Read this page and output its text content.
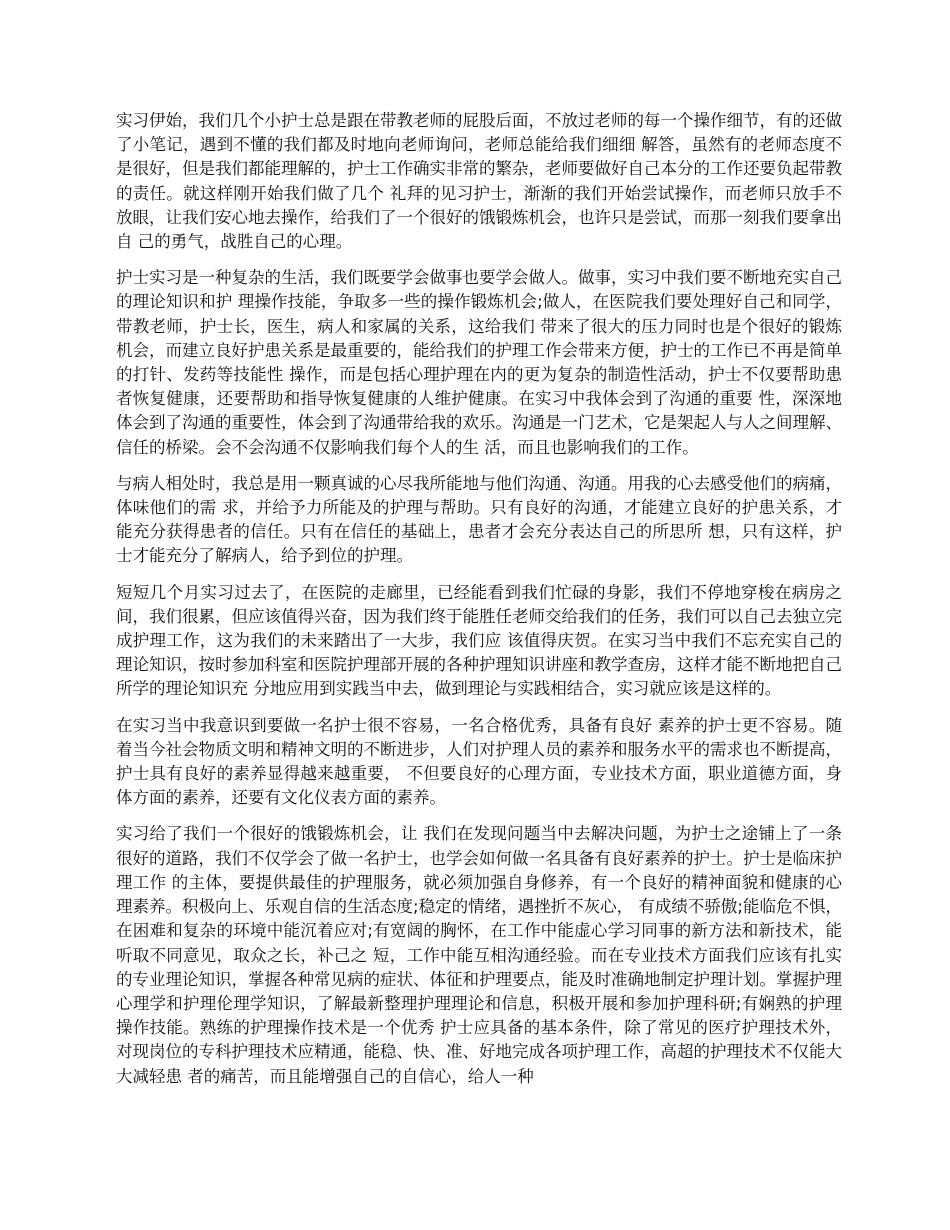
实习伊始，我们几个小护士总是跟在带教老师的屁股后面，不放过老师的每一个操作细节，有的还做了小笔记，遇到不懂的我们都及时地向老师询问，老师总能给我们细细 解答，虽然有的老师态度不是很好，但是我们都能理解的，护士工作确实非常的繁杂，老师要做好自己本分的工作还要负起带教的责任。就这样刚开始我们做了几个 礼拜的见习护士，渐渐的我们开始尝试操作，而老师只放手不放眼，让我们安心地去操作，给我们了一个很好的饿锻炼机会，也许只是尝试，而那一刻我们要拿出自 己的勇气，战胜自己的心理。

护士实习是一种复杂的生活，我们既要学会做事也要学会做人。做事，实习中我们要不断地充实自己的理论知识和护 理操作技能，争取多一些的操作锻炼机会;做人，在医院我们要处理好自己和同学，带教老师，护士长，医生，病人和家属的关系，这给我们 带来了很大的压力同时也是个很好的锻炼机会，而建立良好护患关系是最重要的，能给我们的护理工作会带来方便，护士的工作已不再是简单的打针、发药等技能性 操作，而是包括心理护理在内的更为复杂的制造性活动，护士不仅要帮助患者恢复健康，还要帮助和指导恢复健康的人维护健康。在实习中我体会到了沟通的重要 性，深深地体会到了沟通的重要性，体会到了沟通带给我的欢乐。沟通是一门艺术，它是架起人与人之间理解、信任的桥梁。会不会沟通不仅影响我们每个人的生 活，而且也影响我们的工作。

与病人相处时，我总是用一颗真诚的心尽我所能地与他们沟通、沟通。用我的心去感受他们的病痛，体味他们的需 求，并给予力所能及的护理与帮助。只有良好的沟通，才能建立良好的护患关系，才能充分获得患者的信任。只有在信任的基础上，患者才会充分表达自己的所思所 想，只有这样，护士才能充分了解病人，给予到位的护理。

短短几个月实习过去了，在医院的走廊里，已经能看到我们忙碌的身影，我们不停地穿梭在病房之间，我们很累，但应该值得兴奋，因为我们终于能胜任老师交给我们的任务，我们可以自己去独立完成护理工作，这为我们的未来踏出了一大步，我们应 该值得庆贺。在实习当中我们不忘充实自己的理论知识，按时参加科室和医院护理部开展的各种护理知识讲座和教学查房，这样才能不断地把自己所学的理论知识充 分地应用到实践当中去，做到理论与实践相结合，实习就应该是这样的。

在实习当中我意识到要做一名护士很不容易，一名合格优秀，具备有良好 素养的护士更不容易。随着当今社会物质文明和精神文明的不断进步，人们对护理人员的素养和服务水平的需求也不断提高，护士具有良好的素养显得越来越重要， 不但要良好的心理方面，专业技术方面，职业道德方面，身体方面的素养，还要有文化仪表方面的素养。

实习给了我们一个很好的饿锻炼机会，让 我们在发现问题当中去解决问题，为护士之途铺上了一条很好的道路，我们不仅学会了做一名护士，也学会如何做一名具备有良好素养的护士。护士是临床护理工作 的主体，要提供最佳的护理服务，就必须加强自身修养，有一个良好的精神面貌和健康的心理素养。积极向上、乐观自信的生活态度;稳定的情绪，遇挫折不灰心， 有成绩不骄傲;能临危不惧，在困难和复杂的环境中能沉着应对;有宽阔的胸怀，在工作中能虚心学习同事的新方法和新技术，能听取不同意见，取众之长，补己之 短，工作中能互相沟通经验。而在专业技术方面我们应该有扎实的专业理论知识，掌握各种常见病的症状、体征和护理要点，能及时准确地制定护理计划。掌握护理 心理学和护理伦理学知识，了解最新整理护理理论和信息，积极开展和参加护理科研;有娴熟的护理操作技能。熟练的护理操作技术是一个优秀 护士应具备的基本条件，除了常见的医疗护理技术外，对现岗位的专科护理技术应精通，能稳、快、准、好地完成各项护理工作，高超的护理技术不仅能大大减轻患 者的痛苦，而且能增强自己的自信心，给人一种
